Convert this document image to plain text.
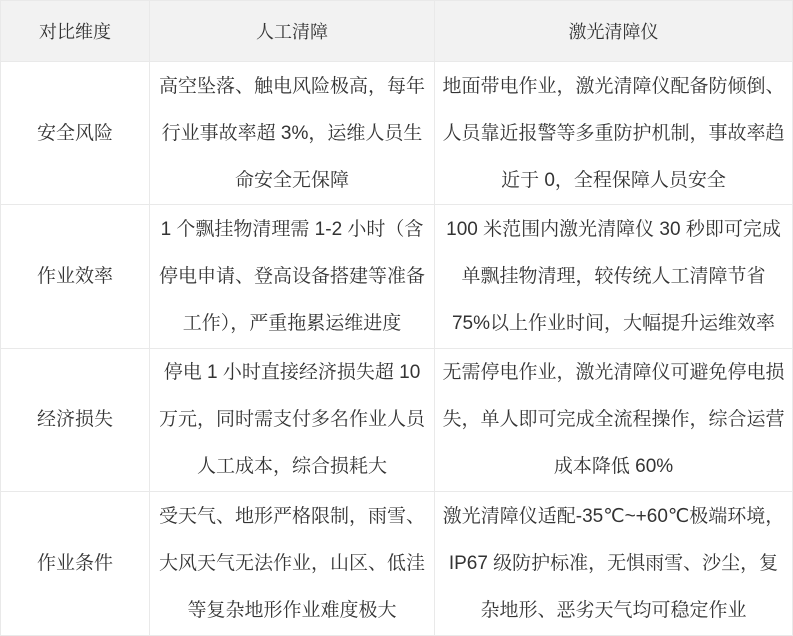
对比维度	人工清障	激光清障仪
安全风险
高空坠落、触电风险极高，每年行业事故率超 3%，运维人员生命安全无保障
地面带电作业，激光清障仪配备防倾倒、人员靠近报警等多重防护机制，事故率趋近于 0，全程保障人员安全
作业效率
1 个飘挂物清理需 1-2 小时（含停电申请、登高设备搭建等准备工作），严重拖累运维进度
100 米范围内激光清障仪 30 秒即可完成单飘挂物清理，较传统人工清障节省 75%以上作业时间，大幅提升运维效率
经济损失
停电 1 小时直接经济损失超 10 万元，同时需支付多名作业人员人工成本，综合损耗大
无需停电作业，激光清障仪可避免停电损失，单人即可完成全流程操作，综合运营成本降低 60%
作业条件
受天气、地形严格限制，雨雪、大风天气无法作业，山区、低洼等复杂地形作业难度极大
激光清障仪适配-35℃~+60℃极端环境，IP67 级防护标准，无惧雨雪、沙尘，复杂地形、恶劣天气均可稳定作业
